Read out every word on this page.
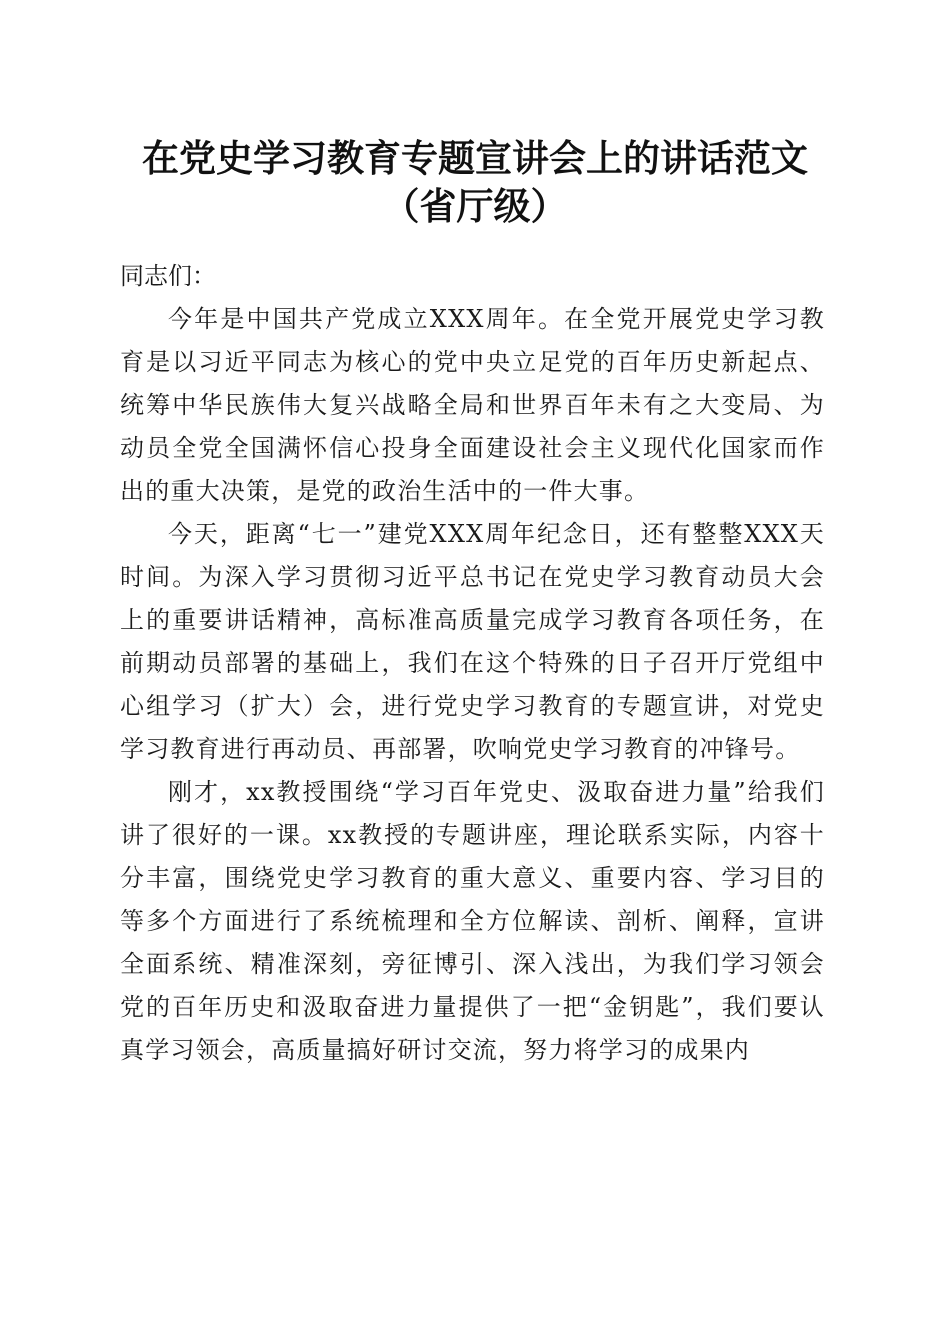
在党史学习教育专题宣讲会上的讲话范文（省厅级）

同志们：

今年是中国共产党成立XXX周年。在全党开展党史学习教育是以习近平同志为核心的党中央立足党的百年历史新起点、统筹中华民族伟大复兴战略全局和世界百年未有之大变局、为动员全党全国满怀信心投身全面建设社会主义现代化国家而作出的重大决策，是党的政治生活中的一件大事。

今天，距离“七一”建党XXX周年纪念日，还有整整XXX天时间。为深入学习贯彻习近平总书记在党史学习教育动员大会上的重要讲话精神，高标准高质量完成学习教育各项任务，在前期动员部署的基础上，我们在这个特殊的日子召开厅党组中心组学习（扩大）会，进行党史学习教育的专题宣讲，对党史学习教育进行再动员、再部署，吹响党史学习教育的冲锋号。

刚才，xx教授围绕“学习百年党史、汲取奋进力量”给我们讲了很好的一课。xx教授的专题讲座，理论联系实际，内容十分丰富，围绕党史学习教育的重大意义、重要内容、学习目的等多个方面进行了系统梳理和全方位解读、剖析、阐释，宣讲全面系统、精准深刻，旁征博引、深入浅出，为我们学习领会党的百年历史和汲取奋进力量提供了一把“金钥匙”，我们要认真学习领会，高质量搞好研讨交流，努力将学习的成果内
